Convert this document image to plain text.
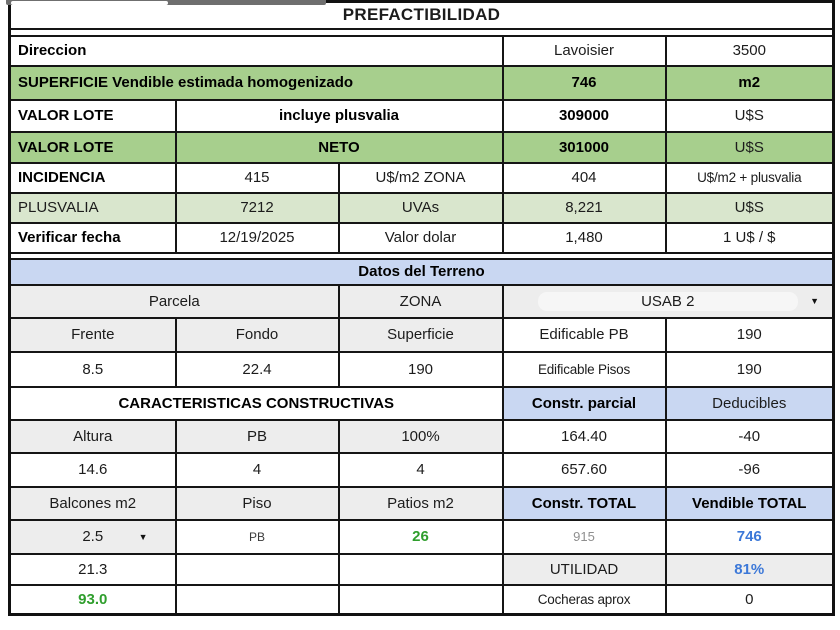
PREFACTIBILIDAD				

Direccion			Lavoisier	3500
SUPERFICIE Vendible estimada homogenizado			746	m2
VALOR LOTE	incluye plusvalia		309000	U$S
VALOR LOTE	NETO		301000	U$S
INCIDENCIA	415	U$/m2 ZONA	404	U$/m2 + plusvalia
PLUSVALIA	7212	UVAs	8,221	U$S
Verificar fecha	12/19/2025	Valor dolar	1,480	1 U$ / $

Datos del Terreno				
Parcela		ZONA	USAB 2 ▼	

Frente	Fondo	Superficie	Edificable PB	190
8.5	22.4	190	Edificable Pisos	190
CARACTERISTICAS CONSTRUCTIVAS			Constr. parcial	Deducibles
Altura	PB	100%	164.40	-40
14.6	4	4	657.60	-96
Balcones m2	Piso	Patios m2	Constr. TOTAL	Vendible TOTAL

2.5 ▼	PB	26	915	746
21.3			UTILIDAD	81%
93.0			Cocheras aprox	0
